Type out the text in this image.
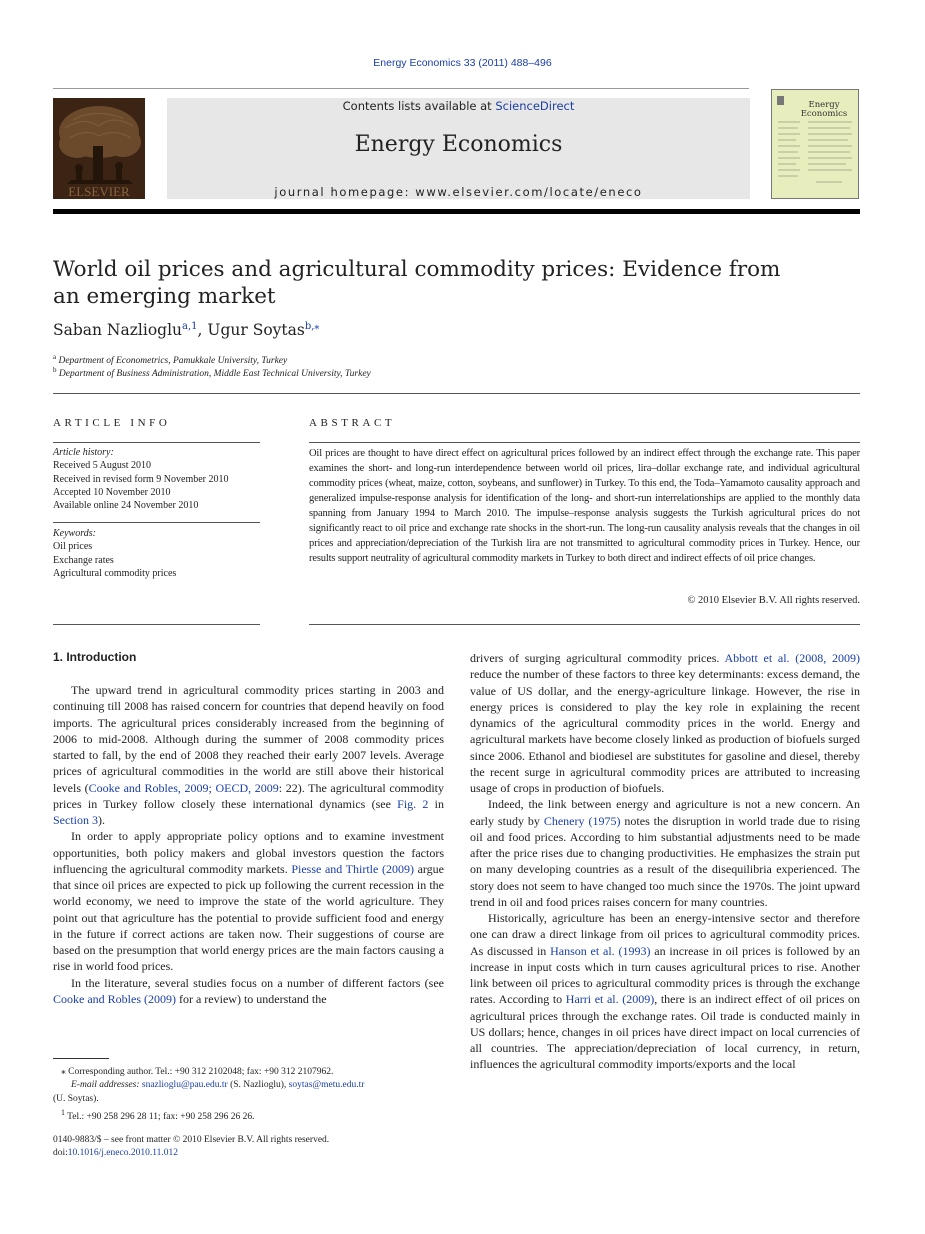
Energy Economics 33 (2011) 488–496
ELSEVIER
Contents lists available at ScienceDirect
Energy Economics
journal homepage: www.elsevier.com/locate/eneco
Energy
Economics
World oil prices and agricultural commodity prices: Evidence from an emerging market
Saban Nazlioglu$^{a,1}$, Ugur Soytas$^{b,⁎}$
$^a$ Department of Econometrics, Pamukkale University, Turkey
$^b$ Department of Business Administration, Middle East Technical University, Turkey
ARTICLE INFO	ABSTRACT
Article history:
Received 5 August 2010
Received in revised form 9 November 2010
Accepted 10 November 2010
Available online 24 November 2010
Keywords:
Oil prices
Exchange rates
Agricultural commodity prices
Oil prices are thought to have direct effect on agricultural prices followed by an indirect effect through the exchange rate. This paper examines the short- and long-run interdependence between world oil prices, lira–dollar exchange rate, and individual agricultural commodity prices (wheat, maize, cotton, soybeans, and sunflower) in Turkey. To this end, the Toda–Yamamoto causality approach and generalized impulse-response analysis for identification of the long- and short-run interrelationships are applied to the monthly data spanning from January 1994 to March 2010. The impulse–response analysis suggests the Turkish agricultural prices do not significantly react to oil price and exchange rate shocks in the short-run. The long-run causality analysis reveals that the changes in oil prices and appreciation/depreciation of the Turkish lira are not transmitted to agricultural commodity prices in Turkey. Hence, our results support neutrality of agricultural commodity markets in Turkey to both direct and indirect effects of oil price changes.
© 2010 Elsevier B.V. All rights reserved.
1. Introduction

The upward trend in agricultural commodity prices starting in 2003 and continuing till 2008 has raised concern for countries that depend heavily on food imports. The agricultural prices considerably increased from the beginning of 2006 to mid-2008. Although during the summer of 2008 commodity prices started to fall, by the end of 2008 they reached their early 2007 levels. Average prices of agricultural commodities in the world are still above their historical levels (Cooke and Robles, 2009; OECD, 2009: 22). The agricultural commodity prices in Turkey follow closely these international dynamics (see Fig. 2 in Section 3).

In order to apply appropriate policy options and to examine investment opportunities, both policy makers and global investors question the factors influencing the agricultural commodity markets. Piesse and Thirtle (2009) argue that since oil prices are expected to pick up following the current recession in the world economy, we need to improve the state of the world agriculture. They point out that agriculture has the potential to provide sufficient food and energy in the future if correct actions are taken now. Their suggestions of course are based on the presumption that world energy prices are the main factors causing a rise in world food prices.

In the literature, several studies focus on a number of different factors (see Cooke and Robles (2009) for a review) to understand the

drivers of surging agricultural commodity prices. Abbott et al. (2008, 2009) reduce the number of these factors to three key determinants: excess demand, the value of US dollar, and the energy-agriculture linkage. However, the rise in energy prices is considered to play the key role in explaining the recent dynamics of the agricultural commodity prices in the world. Energy and agricultural markets have become closely linked as production of biofuels surged since 2006. Ethanol and biodiesel are substitutes for gasoline and diesel, thereby the recent surge in agricultural commodity prices are attributed to increasing usage of crops in production of biofuels.

Indeed, the link between energy and agriculture is not a new concern. An early study by Chenery (1975) notes the disruption in world trade due to rising oil and food prices. According to him substantial adjustments need to be made after the price rises due to changing productivities. He emphasizes the strain put on many developing countries as a result of the disequilibria experienced. The story does not seem to have changed too much since the 1970s. The joint upward trend in oil and food prices raises concern for many countries.

Historically, agriculture has been an energy-intensive sector and therefore one can draw a direct linkage from oil prices to agricultural commodity prices. As discussed in Hanson et al. (1993) an increase in oil prices is followed by an increase in input costs which in turn causes agricultural prices to rise. Another link between oil prices to agricultural commodity prices is through the exchange rates. According to Harri et al. (2009), there is an indirect effect of oil prices on agricultural prices through the exchange rates. Oil trade is conducted mainly in US dollars; hence, changes in oil prices have direct impact on local currencies of all countries. The appreciation/depreciation of local currency, in return, influences the agricultural commodity imports/exports and the local

⁎ Corresponding author. Tel.: +90 312 2102048; fax: +90 312 2107962.
E-mail addresses: snazlioglu@pau.edu.tr (S. Nazlioglu), soytas@metu.edu.tr
(U. Soytas).
$^1$ Tel.: +90 258 296 28 11; fax: +90 258 296 26 26.
0140-9883/$ – see front matter © 2010 Elsevier B.V. All rights reserved.
doi:10.1016/j.eneco.2010.11.012
